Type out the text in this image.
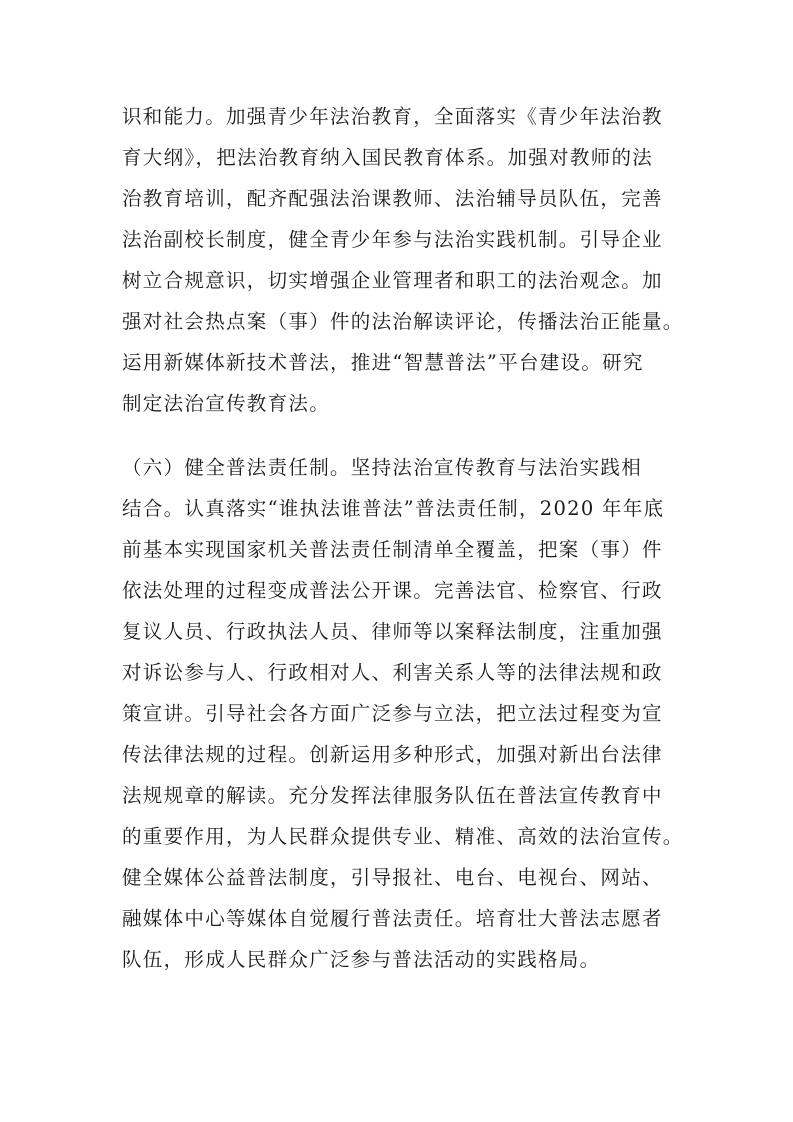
识和能力。加强青少年法治教育，全面落实《青少年法治教
育大纲》，把法治教育纳入国民教育体系。加强对教师的法
治教育培训，配齐配强法治课教师、法治辅导员队伍，完善
法治副校长制度，健全青少年参与法治实践机制。引导企业
树立合规意识，切实增强企业管理者和职工的法治观念。加
强对社会热点案（事）件的法治解读评论，传播法治正能量。
运用新媒体新技术普法，推进“智慧普法”平台建设。研究
制定法治宣传教育法。
（六）健全普法责任制。坚持法治宣传教育与法治实践相
结合。认真落实“谁执法谁普法”普法责任制，2020 年年底
前基本实现国家机关普法责任制清单全覆盖，把案（事）件
依法处理的过程变成普法公开课。完善法官、检察官、行政
复议人员、行政执法人员、律师等以案释法制度，注重加强
对诉讼参与人、行政相对人、利害关系人等的法律法规和政
策宣讲。引导社会各方面广泛参与立法，把立法过程变为宣
传法律法规的过程。创新运用多种形式，加强对新出台法律
法规规章的解读。充分发挥法律服务队伍在普法宣传教育中
的重要作用，为人民群众提供专业、精准、高效的法治宣传。
健全媒体公益普法制度，引导报社、电台、电视台、网站、
融媒体中心等媒体自觉履行普法责任。培育壮大普法志愿者
队伍，形成人民群众广泛参与普法活动的实践格局。
